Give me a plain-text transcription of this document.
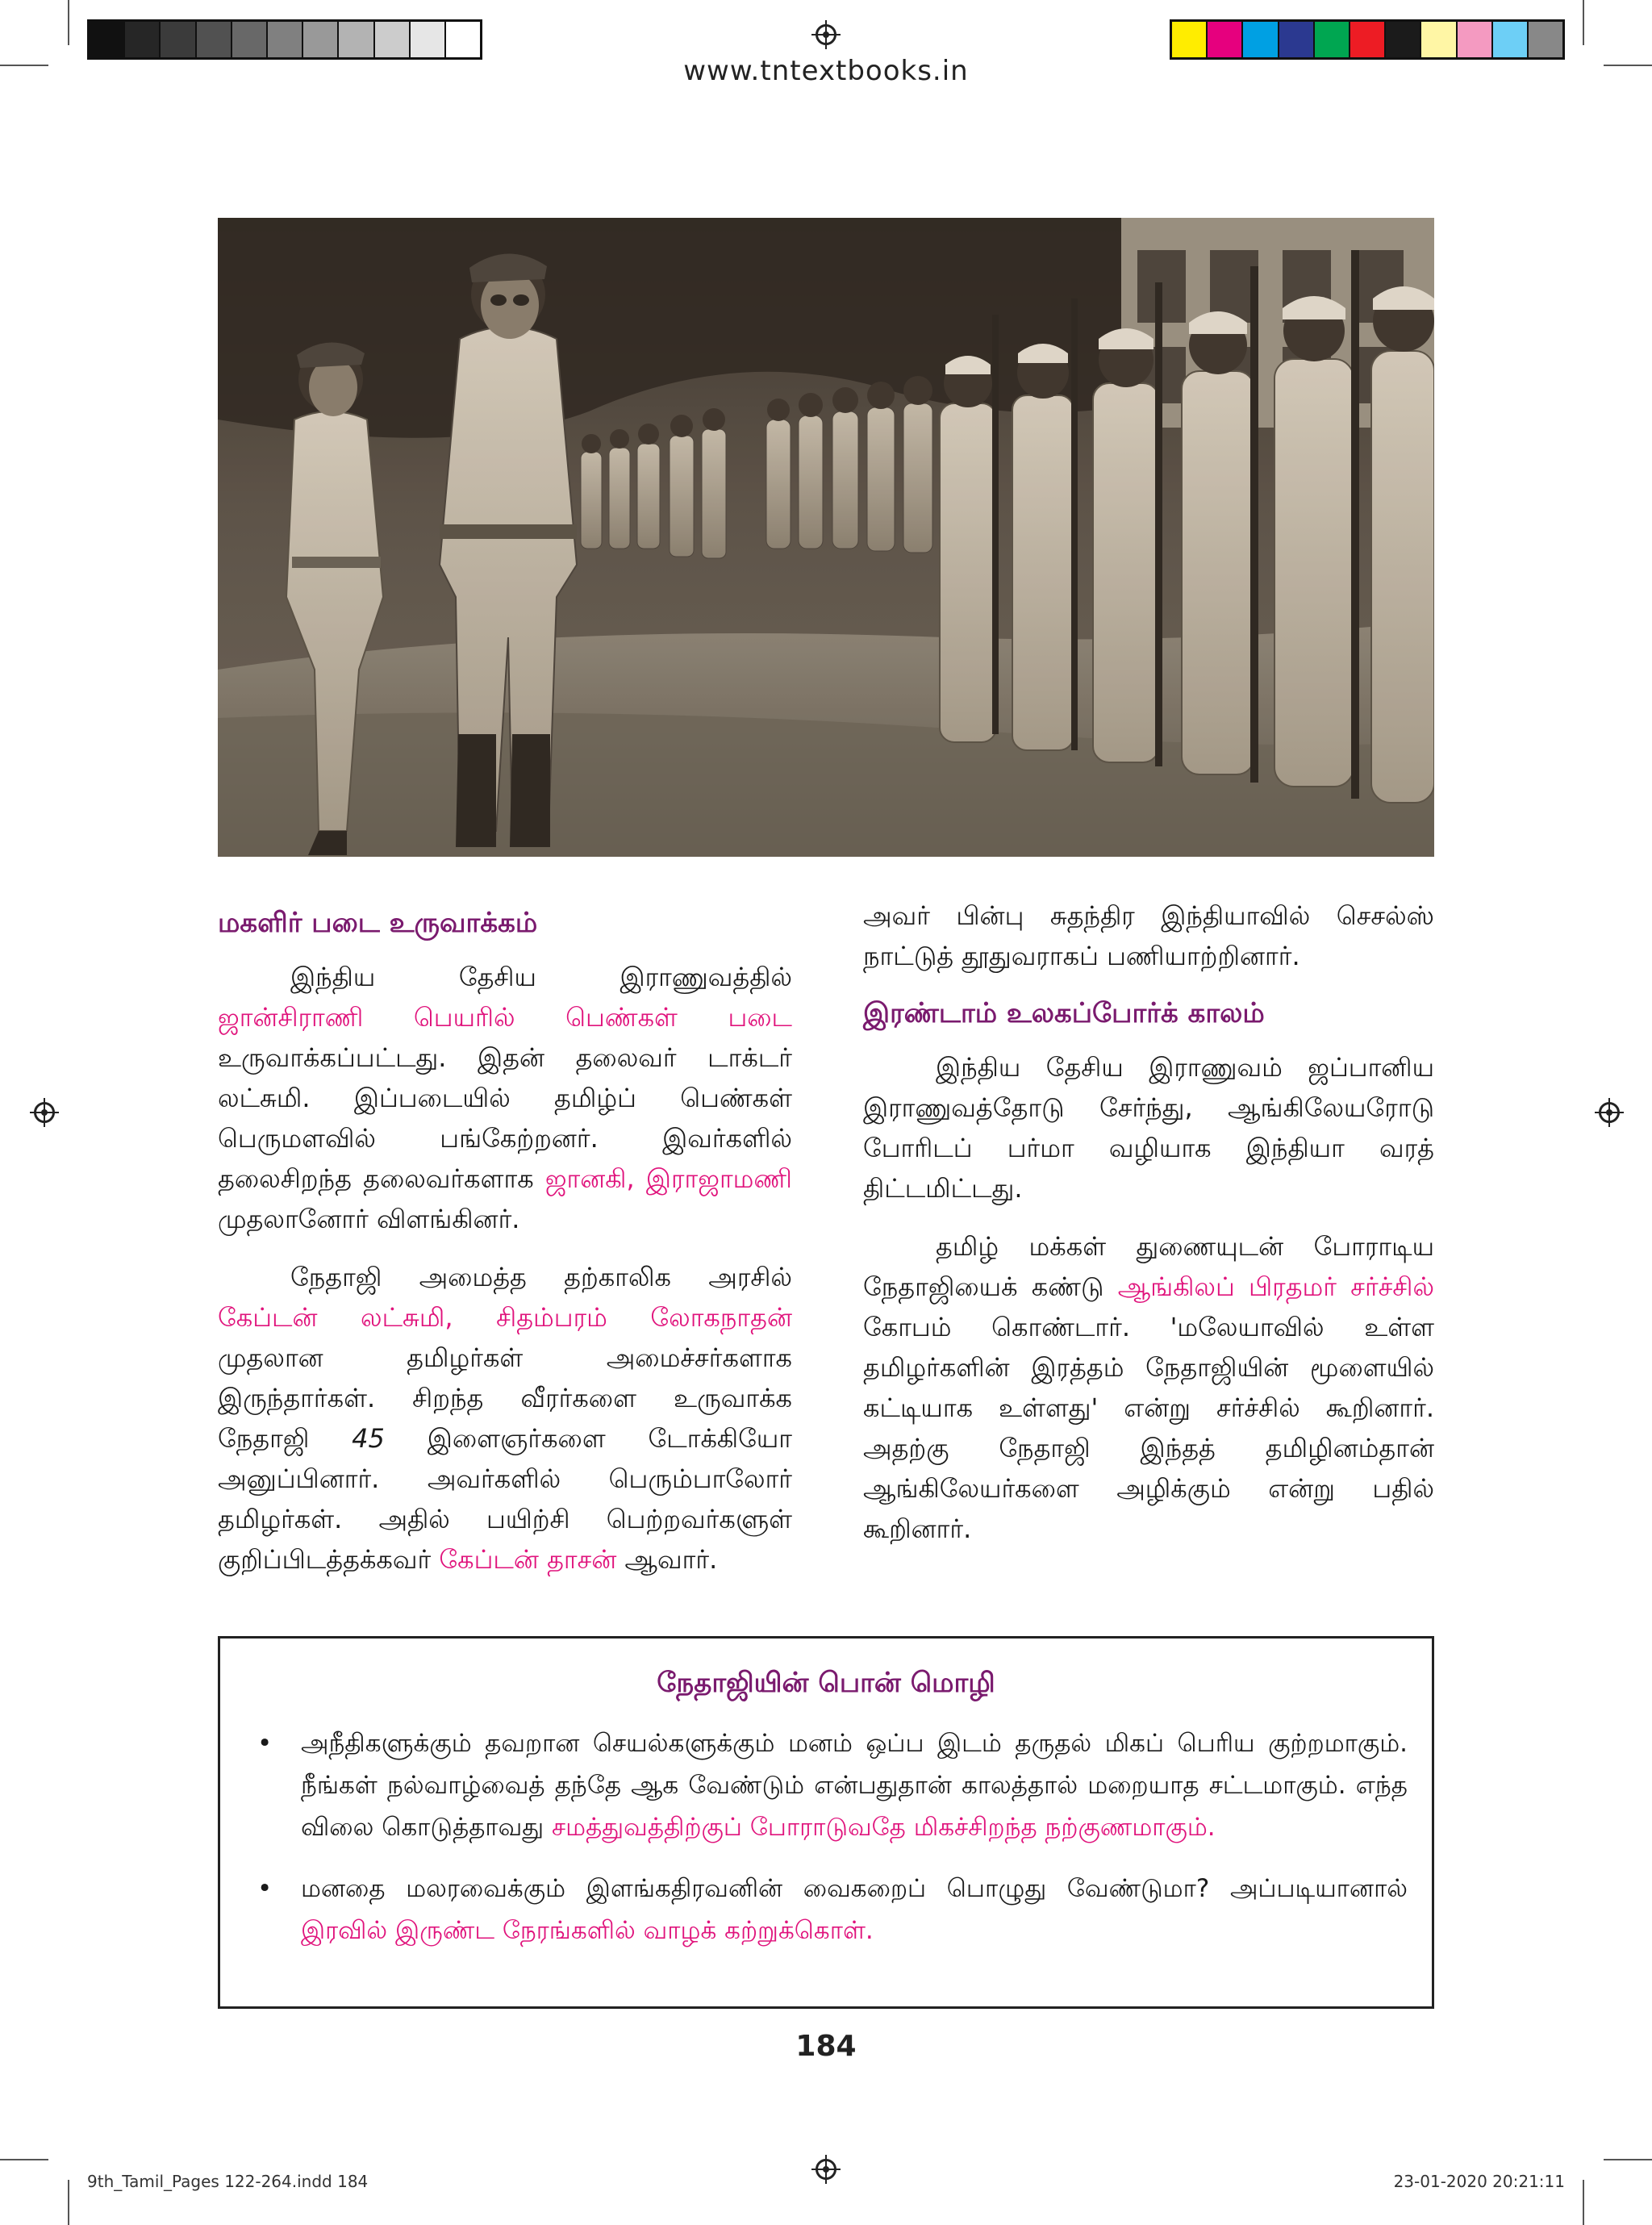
www.tntextbooks.in
மகளிர் படை உருவாக்கம்

இந்திய தேசிய இராணுவத்தில் ஜான்சிராணி பெயரில் பெண்கள் படை உருவாக்கப்பட்டது. இதன் தலைவர் டாக்டர் லட்சுமி. இப்படையில் தமிழ்ப் பெண்கள் பெருமளவில் பங்கேற்றனர். இவர்களில் தலைசிறந்த தலைவர்களாக ஜானகி, இராஜாமணி முதலானோர் விளங்கினர்.

நேதாஜி அமைத்த தற்காலிக அரசில் கேப்டன் லட்சுமி, சிதம்பரம் லோகநாதன் முதலான தமிழர்கள் அமைச்சர்களாக இருந்தார்கள். சிறந்த வீரர்களை உருவாக்க நேதாஜி 45 இளைஞர்களை டோக்கியோ அனுப்பினார். அவர்களில் பெரும்பாலோர் தமிழர்கள். அதில் பயிற்சி பெற்றவர்களுள் குறிப்பிடத்தக்கவர் கேப்டன் தாசன் ஆவார்.

அவர் பின்பு சுதந்திர இந்தியாவில் செசல்ஸ் நாட்டுத் தூதுவராகப் பணியாற்றினார்.

இரண்டாம் உலகப்போர்க் காலம்

இந்திய தேசிய இராணுவம் ஜப்பானிய இராணுவத்தோடு சேர்ந்து, ஆங்கிலேயரோடு போரிடப் பர்மா வழியாக இந்தியா வரத் திட்டமிட்டது.

தமிழ் மக்கள் துணையுடன் போராடிய நேதாஜியைக் கண்டு ஆங்கிலப் பிரதமர் சர்ச்சில் கோபம் கொண்டார். 'மலேயாவில் உள்ள தமிழர்களின் இரத்தம் நேதாஜியின் மூளையில் கட்டியாக உள்ளது' என்று சர்ச்சில் கூறினார். அதற்கு நேதாஜி இந்தத் தமிழினம்தான் ஆங்கிலேயர்களை அழிக்கும் என்று பதில் கூறினார்.

நேதாஜியின் பொன் மொழி
• அநீதிகளுக்கும் தவறான செயல்களுக்கும் மனம் ஒப்ப இடம் தருதல் மிகப் பெரிய குற்றமாகும். நீங்கள் நல்வாழ்வைத் தந்தே ஆக வேண்டும் என்பதுதான் காலத்தால் மறையாத சட்டமாகும். எந்த விலை கொடுத்தாவது சமத்துவத்திற்குப் போராடுவதே மிகச்சிறந்த நற்குணமாகும்.
• மனதை மலரவைக்கும் இளங்கதிரவனின் வைகறைப் பொழுது வேண்டுமா? அப்படியானால் இரவில் இருண்ட நேரங்களில் வாழக் கற்றுக்கொள்.
184
9th_Tamil_Pages 122-264.indd 184	23-01-2020 20:21:11
